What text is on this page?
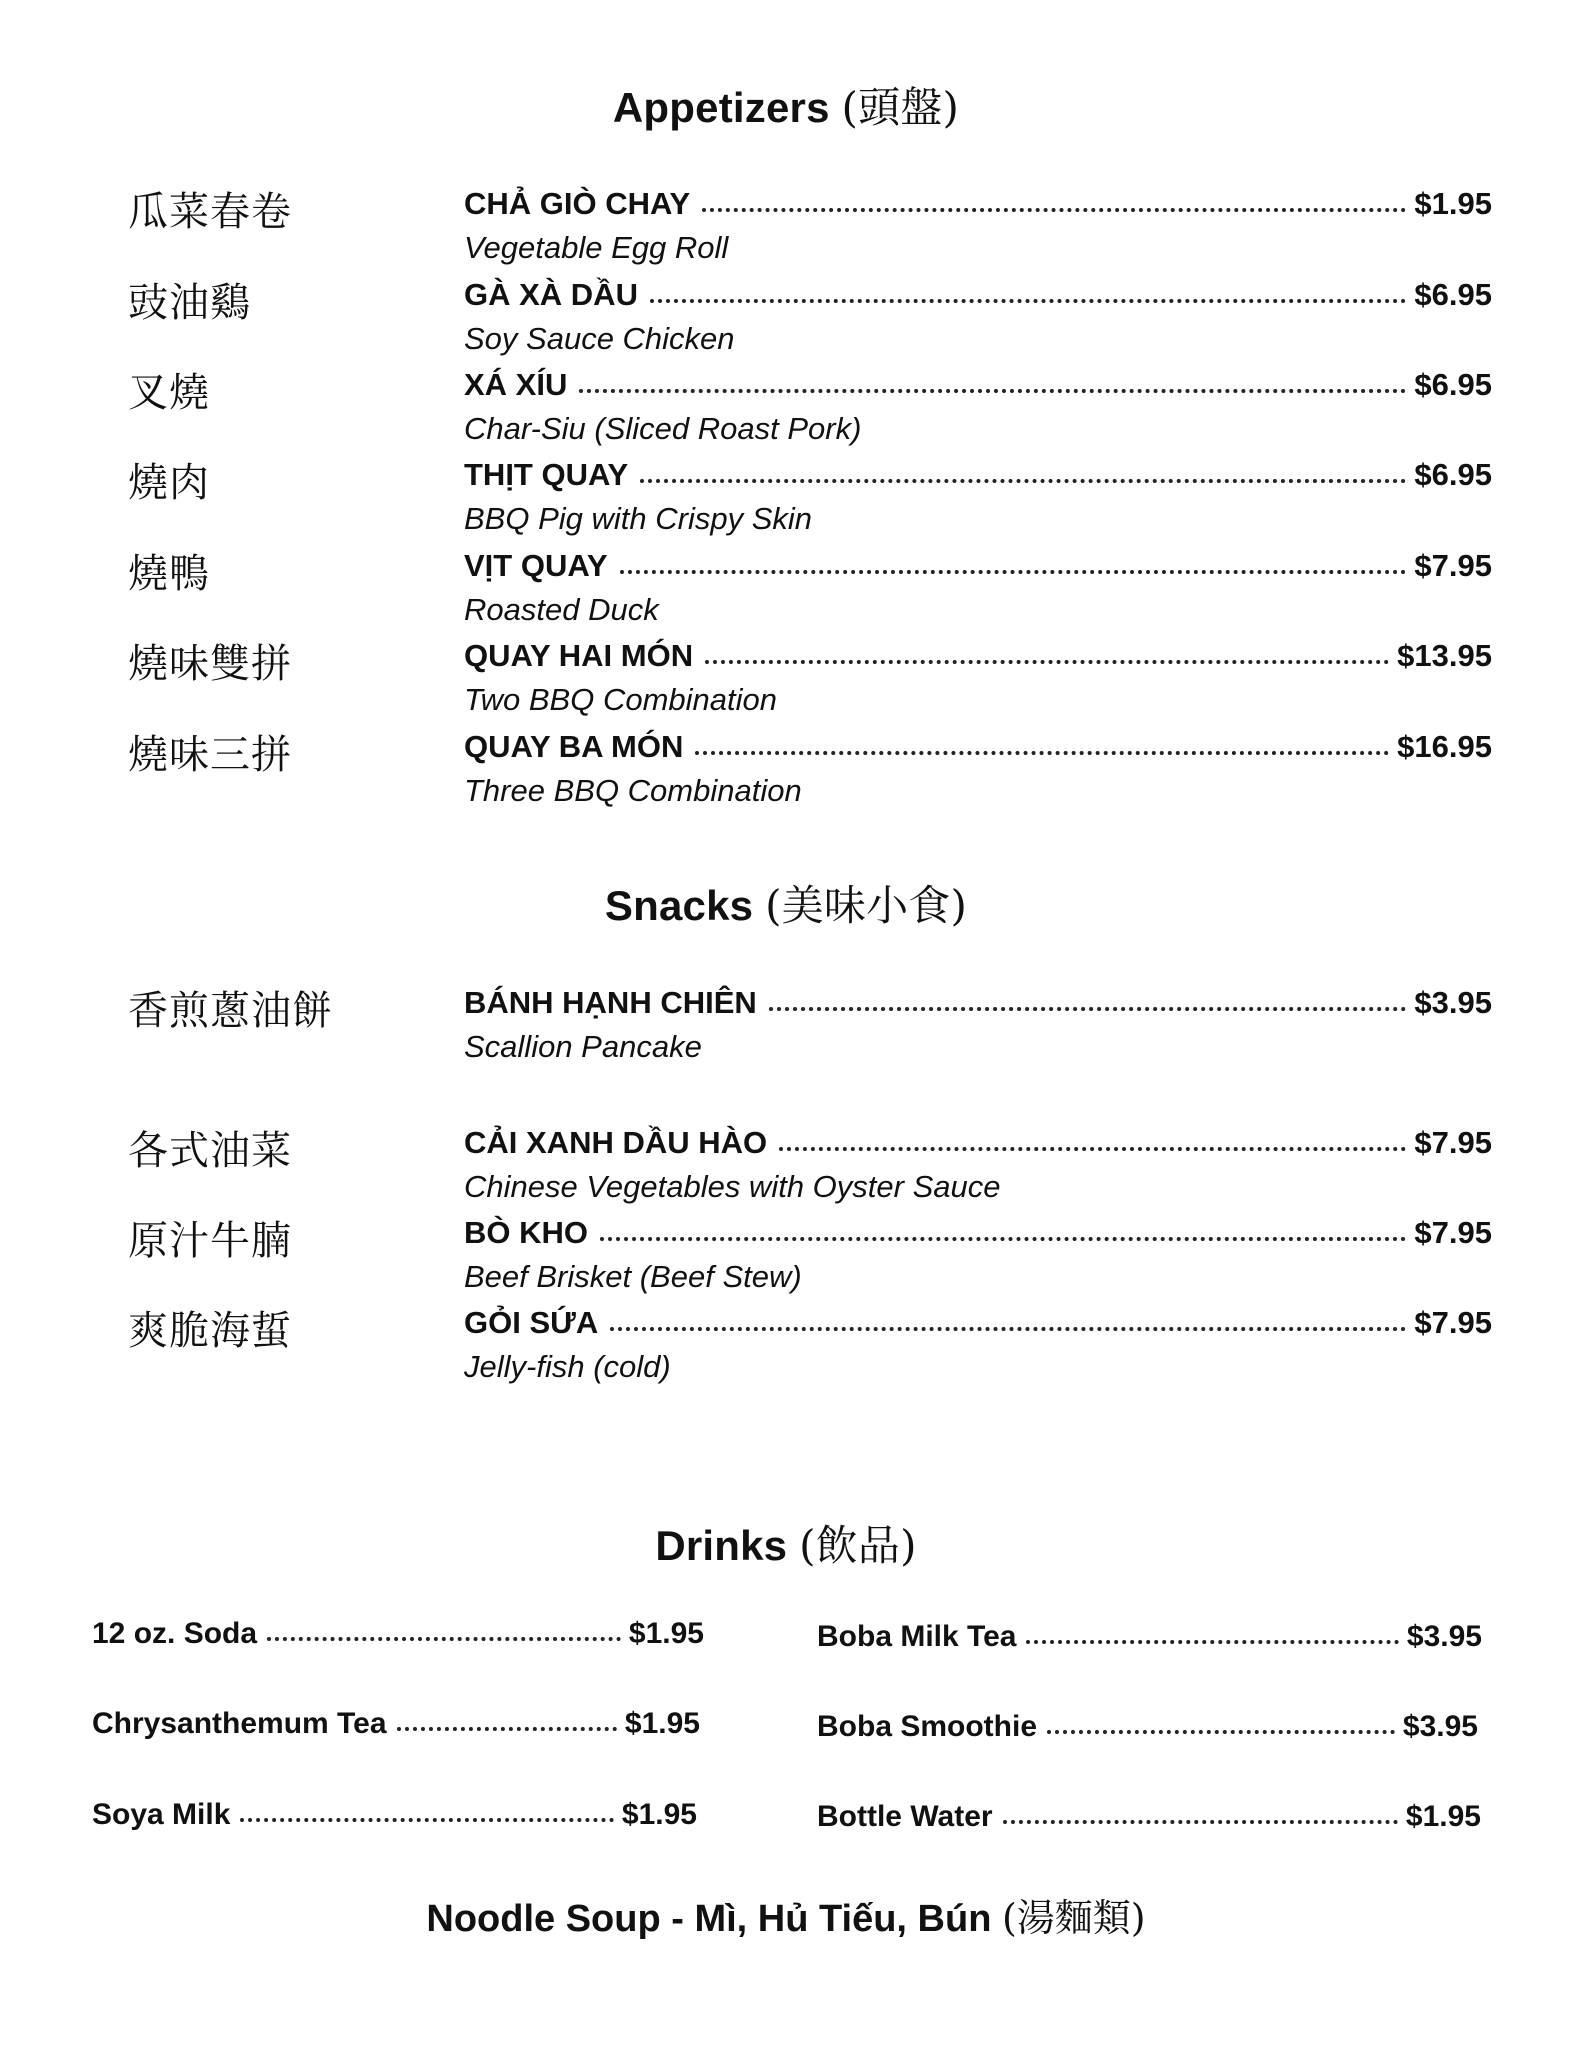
Appetizers (頭盤)
瓜菜春卷	CHẢ GIÒ CHAY	$1.95
Vegetable Egg Roll
豉油鷄	GÀ XÀ DẦU	$6.95
Soy Sauce Chicken
叉燒	XÁ XÍU	$6.95
Char-Siu (Sliced Roast Pork)
燒肉	THỊT QUAY	$6.95
BBQ Pig with Crispy Skin
燒鴨	VỊT QUAY	$7.95
Roasted Duck
燒味雙拼	QUAY HAI MÓN	$13.95
Two BBQ Combination
燒味三拼	QUAY BA MÓN	$16.95
Three BBQ Combination
Snacks (美味小食)
香煎蔥油餅	BÁNH HẠNH CHIÊN	$3.95
Scallion Pancake
各式油菜	CẢI XANH DẦU HÀO	$7.95
Chinese Vegetables with Oyster Sauce
原汁牛腩	BÒ KHO	$7.95
Beef Brisket (Beef Stew)
爽脆海蜇	GỎI SỨA	$7.95
Jelly-fish (cold)
Drinks (飲品)
12 oz. Soda	$1.95
Chrysanthemum Tea	$1.95
Soya Milk	$1.95
Boba Milk Tea	$3.95
Boba Smoothie	$3.95
Bottle Water	$1.95
Noodle Soup - Mì, Hủ Tiếu, Bún (湯麵類)
